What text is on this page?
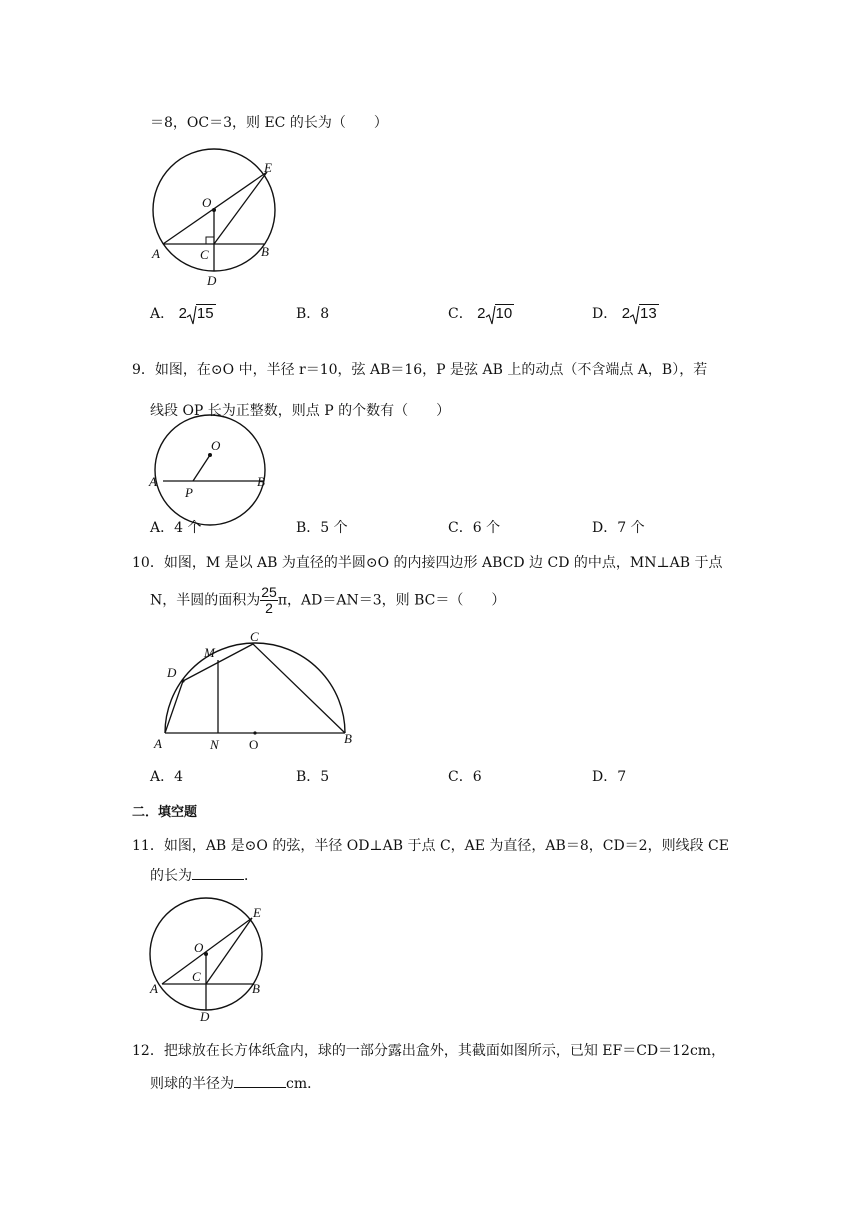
＝8，OC＝3，则 EC 的长为（　　）
O
E
A	C	B
D
A． 2 15	B．8	C． 2 10	D． 2 13
9．如图，在⊙O 中，半径 r＝10，弦 AB＝16，P 是弦 AB 上的动点（不含端点 A，B），若
线段 OP 长为正整数，则点 P 的个数有（　　）
O
A
P
B
A．4 个	B．5 个	C．6 个	D．7 个
10．如图，M 是以 AB 为直径的半圆⊙O 的内接四边形 ABCD 边 CD 的中点，MN⊥AB 于点
N，半圆的面积为 $\frac{25}{2}$ π，AD＝AN＝3，则 BC＝（　　）
C
M
D
A	N O	B
A．4	B．5	C．6	D．7
二．填空题
11．如图，AB 是⊙O 的弦，半径 OD⊥AB 于点 C，AE 为直径，AB＝8，CD＝2，则线段 CE
的长为	．
O
E
A
C
B
D
12．把球放在长方体纸盒内，球的一部分露出盒外，其截面如图所示，已知 EF＝CD＝12cm，
则球的半径为	cm．
